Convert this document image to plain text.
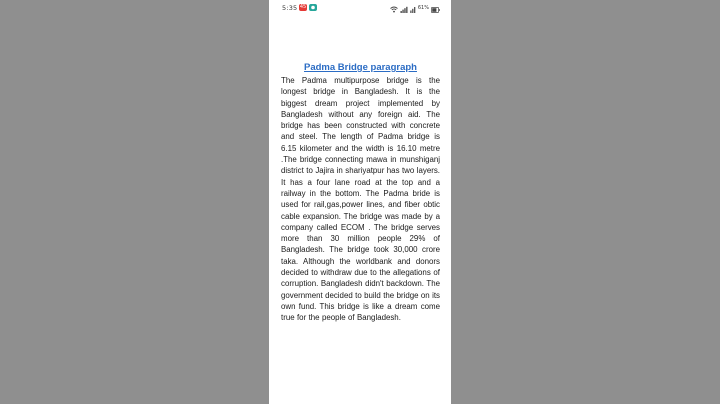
5:35 45	61%
Padma Bridge paragraph

The Padma multipurpose bridge is the longest bridge in Bangladesh. It is the biggest dream project implemented by Bangladesh without any foreign aid. The bridge has been constructed with concrete and steel. The length of Padma bridge is 6.15 kilometer and the width is 16.10 metre .The bridge connecting mawa in munshiganj district to Jajira in shariyatpur has two layers. It has a four lane road at the top and a railway in the bottom. The Padma bride is used for rail,gas,power lines, and fiber obtic cable expansion. The bridge was made by a company called ECOM . The bridge serves more than 30 million people 29% of Bangladesh. The bridge took 30,000 crore taka. Although the worldbank and donors decided to withdraw due to the allegations of corruption. Bangladesh didn't backdown. The government decided to build the bridge on its own fund. This bridge is like a dream come true for the people of Bangladesh.
